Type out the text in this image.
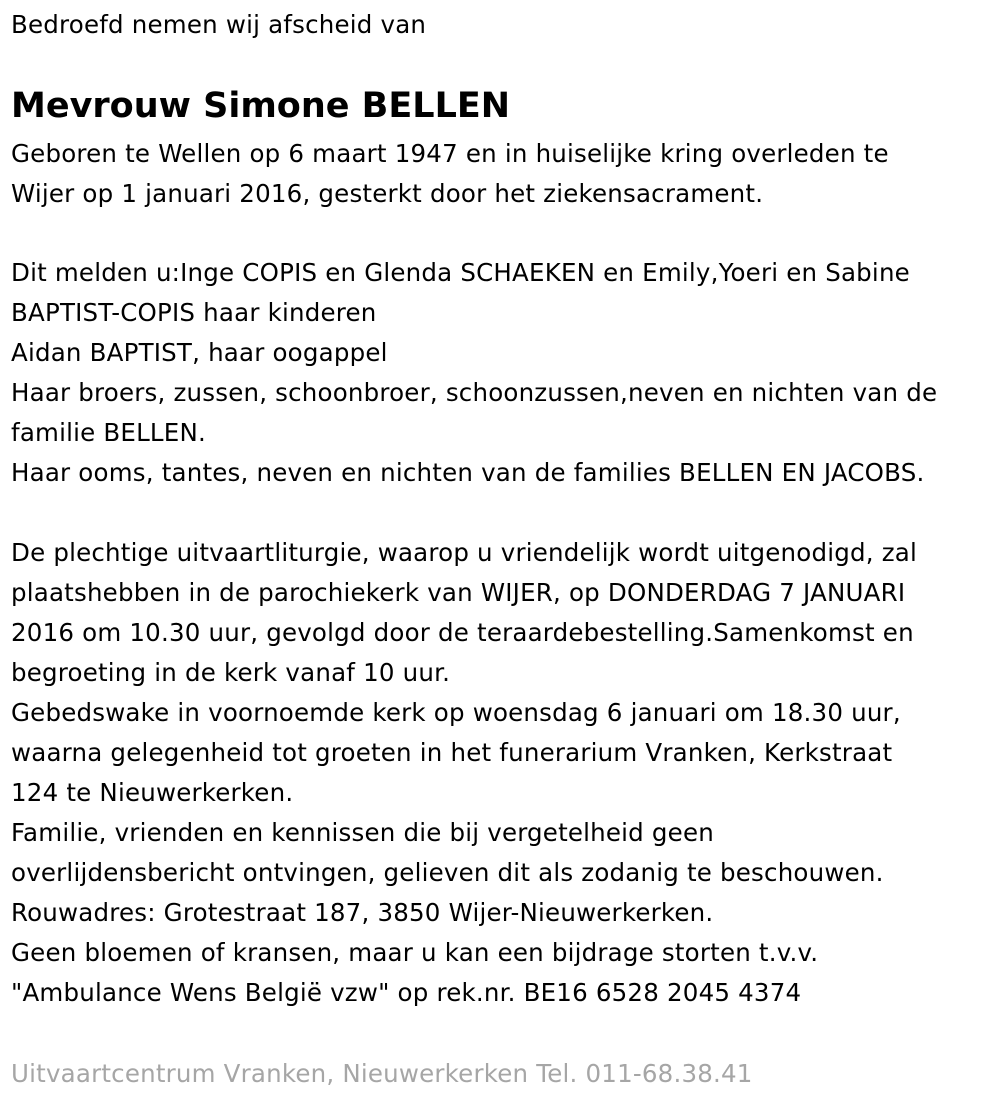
Bedroefd nemen wij afscheid van
Mevrouw Simone BELLEN
Geboren te Wellen op 6 maart 1947 en in huiselijke kring overleden te
Wijer op 1 januari 2016, gesterkt door het ziekensacrament.
Dit melden u:Inge COPIS en Glenda SCHAEKEN en Emily,Yoeri en Sabine
BAPTIST-COPIS haar kinderen
Aidan BAPTIST, haar oogappel
Haar broers, zussen, schoonbroer, schoonzussen,neven en nichten van de
familie BELLEN.
Haar ooms, tantes, neven en nichten van de families BELLEN EN JACOBS.
De plechtige uitvaartliturgie, waarop u vriendelijk wordt uitgenodigd, zal
plaatshebben in de parochiekerk van WIJER, op DONDERDAG 7 JANUARI
2016 om 10.30 uur, gevolgd door de teraardebestelling.Samenkomst en
begroeting in de kerk vanaf 10 uur.
Gebedswake in voornoemde kerk op woensdag 6 januari om 18.30 uur,
waarna gelegenheid tot groeten in het funerarium Vranken, Kerkstraat
124 te Nieuwerkerken.
Familie, vrienden en kennissen die bij vergetelheid geen
overlijdensbericht ontvingen, gelieven dit als zodanig te beschouwen.
Rouwadres: Grotestraat 187, 3850 Wijer-Nieuwerkerken.
Geen bloemen of kransen, maar u kan een bijdrage storten t.v.v.
"Ambulance Wens België vzw" op rek.nr. BE16 6528 2045 4374
Uitvaartcentrum Vranken, Nieuwerkerken Tel. 011-68.38.41
